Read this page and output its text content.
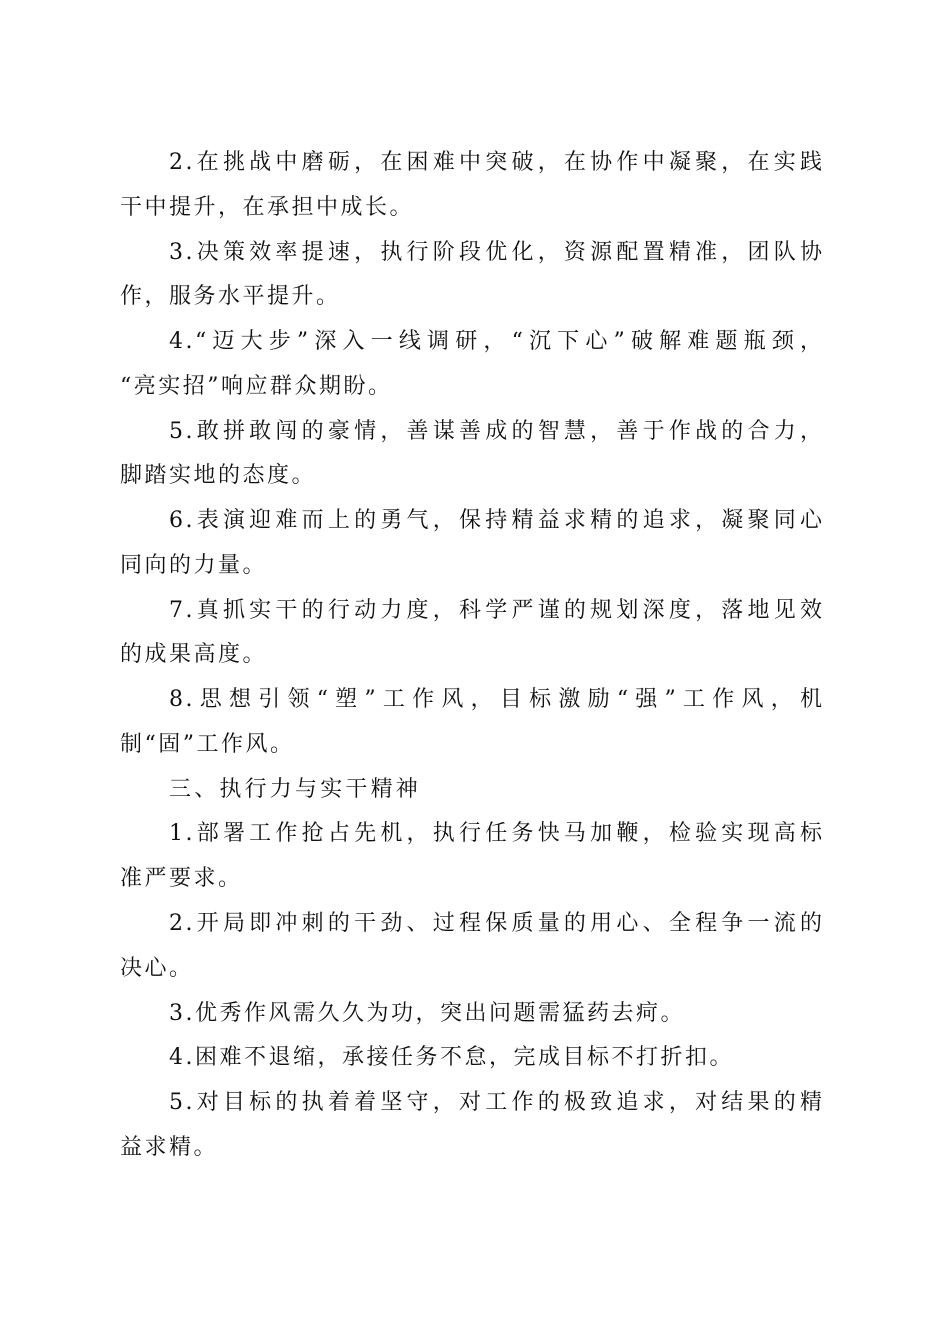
2.在挑战中磨砺，在困难中突破，在协作中凝聚，在实践
干中提升，在承担中成长。
3.决策效率提速，执行阶段优化，资源配置精准，团队协
作，服务水平提升。
4.“迈大步”深入一线调研，“沉下心”破解难题瓶颈，
“亮实招”响应群众期盼。
5.敢拼敢闯的豪情，善谋善成的智慧，善于作战的合力，
脚踏实地的态度。
6.表演迎难而上的勇气，保持精益求精的追求，凝聚同心
同向的力量。
7.真抓实干的行动力度，科学严谨的规划深度，落地见效
的成果高度。
8.思想引领“塑”工作风，目标激励“强”工作风，机
制“固”工作风。
三、执行力与实干精神
1.部署工作抢占先机，执行任务快马加鞭，检验实现高标
准严要求。
2.开局即冲刺的干劲、过程保质量的用心、全程争一流的
决心。
3.优秀作风需久久为功，突出问题需猛药去疴。
4.困难不退缩，承接任务不怠，完成目标不打折扣。
5.对目标的执着着坚守，对工作的极致追求，对结果的精
益求精。
